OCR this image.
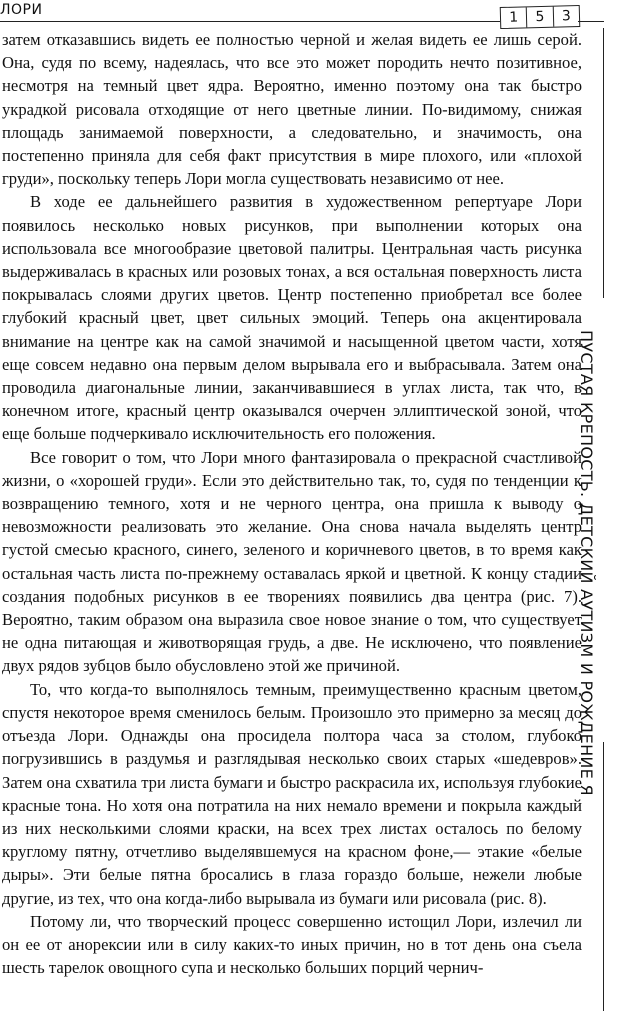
ЛОРИ	1	5	3
ПУСТАЯ КРЕПОСТЬ. ДЕТСКИЙ АУТИЗМ И РОЖДЕНИЕ Я

затем отказавшись видеть ее полностью черной и желая видеть ее лишь серой. Она, судя по всему, надеялась, что все это может породить нечто позитивное, несмотря на темный цвет ядра. Вероятно, именно поэтому она так быстро украдкой рисовала отходящие от него цветные линии. По-видимому, снижая площадь занимаемой поверхности, а следовательно, и значимость, она постепенно приняла для себя факт присутствия в мире плохого, или «плохой груди», поскольку теперь Лори могла существовать независимо от нее.

В ходе ее дальнейшего развития в художественном репертуаре Лори появилось несколько новых рисунков, при выполнении которых она использовала все многообразие цветовой палитры. Центральная часть рисунка выдерживалась в красных или розовых тонах, а вся остальная поверхность листа покрывалась слоями других цветов. Центр постепенно приобретал все более глубокий красный цвет, цвет сильных эмоций. Теперь она акцентировала внимание на центре как на самой значимой и насыщенной цветом части, хотя еще совсем недавно она первым делом вырывала его и выбрасывала. Затем она проводила диагональные линии, заканчивавшиеся в углах листа, так что, в конечном итоге, красный центр оказывался очерчен эллиптической зоной, что еще больше подчеркивало исключительность его положения.

Все говорит о том, что Лори много фантазировала о прекрасной счастливой жизни, о «хорошей груди». Если это действительно так, то, судя по тенденции к возвращению темного, хотя и не черного центра, она пришла к выводу о невозможности реализовать это желание. Она снова начала выделять центр густой смесью красного, синего, зеленого и коричневого цветов, в то время как остальная часть листа по-прежнему оставалась яркой и цветной. К концу стадии создания подобных рисунков в ее творениях появились два центра (рис. 7). Вероятно, таким образом она выразила свое новое знание о том, что существует не одна питающая и животворящая грудь, а две. Не исключено, что появление двух рядов зубцов было обусловлено этой же причиной.

То, что когда-то выполнялось темным, преимущественно красным цветом, спустя некоторое время сменилось белым. Произошло это примерно за месяц до отъезда Лори. Однажды она просидела полтора часа за столом, глубоко погрузившись в раздумья и разглядывая несколько своих старых «шедевров». Затем она схватила три листа бумаги и быстро раскрасила их, используя глубокие красные тона. Но хотя она потратила на них немало времени и покрыла каждый из них несколькими слоями краски, на всех трех листах осталось по белому круглому пятну, отчетливо выделявшемуся на красном фоне,— этакие «белые дыры». Эти белые пятна бросались в глаза гораздо больше, нежели любые другие, из тех, что она когда-либо вырывала из бумаги или рисовала (рис. 8).

Потому ли, что творческий процесс совершенно истощил Лори, излечил ли он ее от анорексии или в силу каких-то иных причин, но в тот день она съела шесть тарелок овощного супа и несколько больших порций чернич-
